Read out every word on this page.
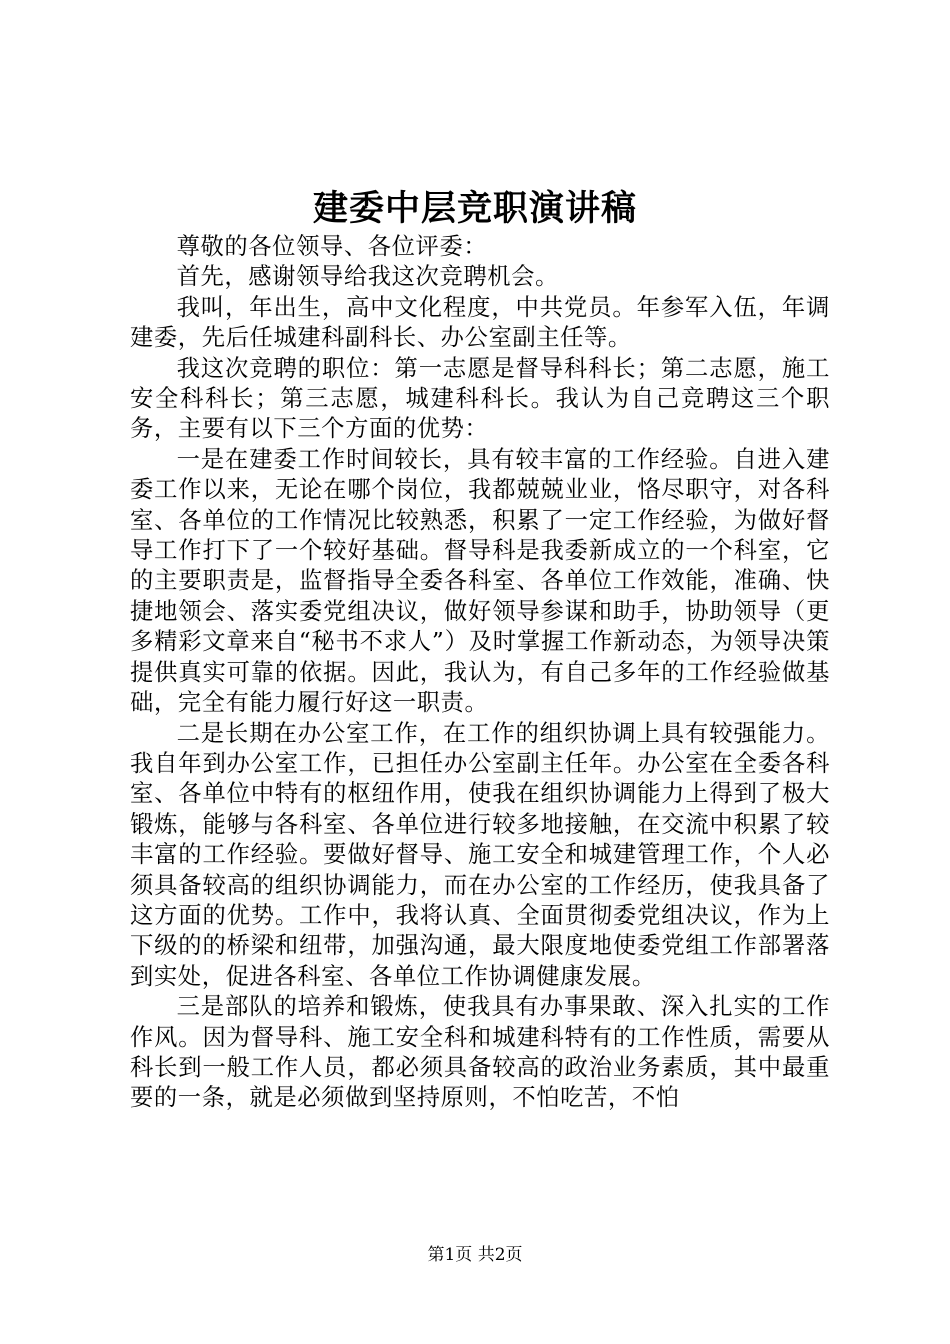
建委中层竞职演讲稿

尊敬的各位领导、各位评委：

首先，感谢领导给我这次竞聘机会。

我叫，年出生，高中文化程度，中共党员。年参军入伍，年调建委，先后任城建科副科长、办公室副主任等。

我这次竞聘的职位：第一志愿是督导科科长；第二志愿，施工安全科科长；第三志愿，城建科科长。我认为自己竞聘这三个职务，主要有以下三个方面的优势：

一是在建委工作时间较长，具有较丰富的工作经验。自进入建委工作以来，无论在哪个岗位，我都兢兢业业，恪尽职守，对各科室、各单位的工作情况比较熟悉，积累了一定工作经验，为做好督导工作打下了一个较好基础。督导科是我委新成立的一个科室，它的主要职责是，监督指导全委各科室、各单位工作效能，准确、快捷地领会、落实委党组决议，做好领导参谋和助手，协助领导（更多精彩文章来自“秘书不求人”）及时掌握工作新动态，为领导决策提供真实可靠的依据。因此，我认为，有自己多年的工作经验做基础，完全有能力履行好这一职责。

二是长期在办公室工作，在工作的组织协调上具有较强能力。我自年到办公室工作，已担任办公室副主任年。办公室在全委各科室、各单位中特有的枢纽作用，使我在组织协调能力上得到了极大锻炼，能够与各科室、各单位进行较多地接触，在交流中积累了较丰富的工作经验。要做好督导、施工安全和城建管理工作，个人必须具备较高的组织协调能力，而在办公室的工作经历，使我具备了这方面的优势。工作中，我将认真、全面贯彻委党组决议，作为上下级的的桥梁和纽带，加强沟通，最大限度地使委党组工作部署落到实处，促进各科室、各单位工作协调健康发展。

三是部队的培养和锻炼，使我具有办事果敢、深入扎实的工作作风。因为督导科、施工安全科和城建科特有的工作性质，需要从科长到一般工作人员，都必须具备较高的政治业务素质，其中最重要的一条，就是必须做到坚持原则，不怕吃苦，不怕

第1页 共2页
